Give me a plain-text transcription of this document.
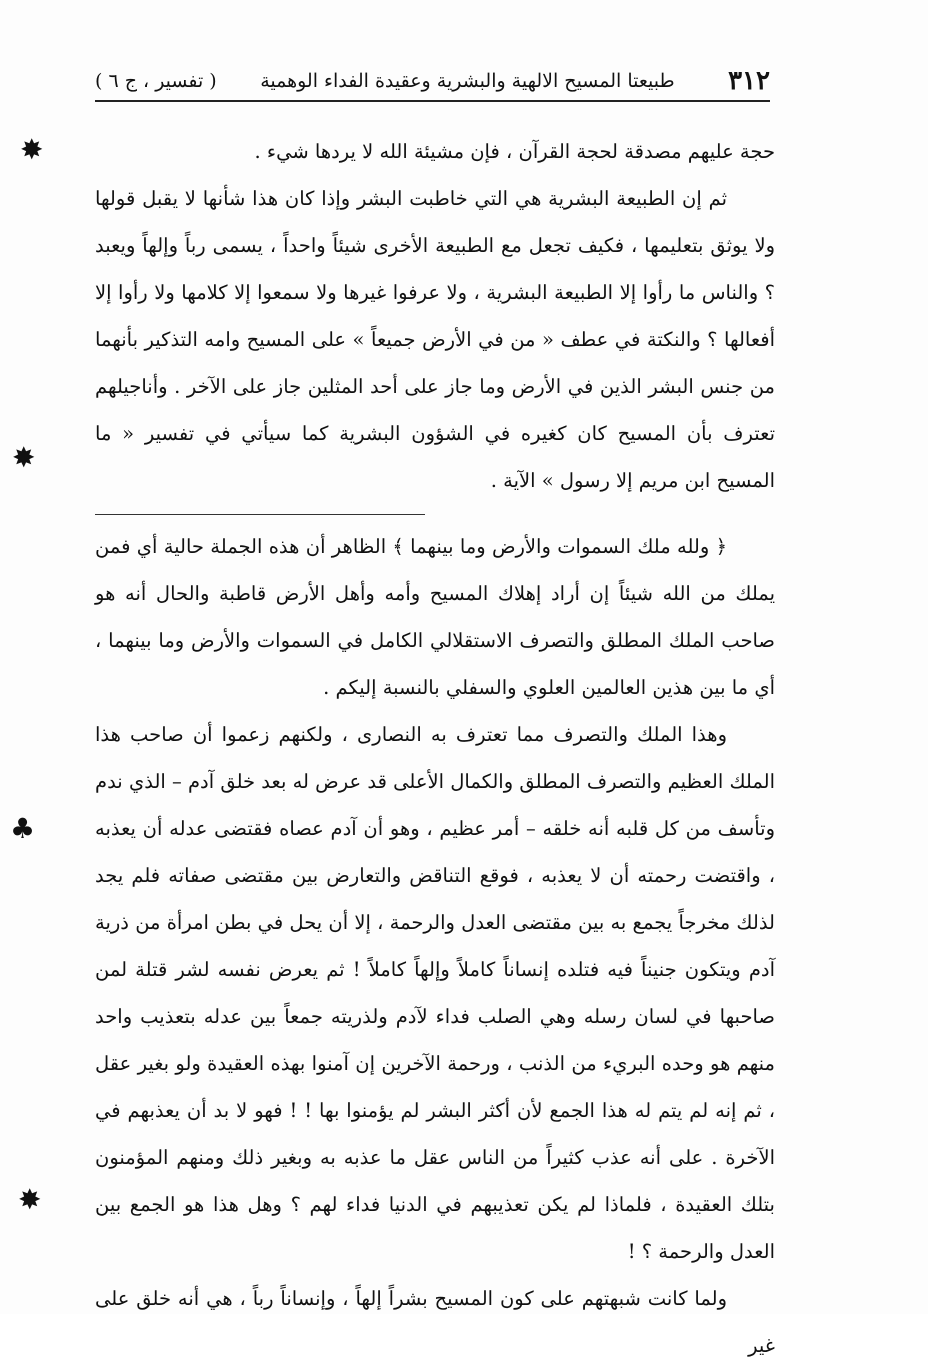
٣١٢
طبيعتا المسيح الالهية والبشرية وعقيدة الفداء الوهمية
( تفسير ، ج ٦ )

حجة عليهم مصدقة لحجة القرآن ، فإن مشيئة الله لا يردها شيء .

ثم إن الطبيعة البشرية هي التي خاطبت البشر وإذا كان هذا شأنها لا يقبل قولها ولا يوثق بتعليمها ، فكيف تجعل مع الطبيعة الأخرى شيئاً واحداً ، يسمى رباً وإلهاً ويعبد ؟ والناس ما رأوا إلا الطبيعة البشرية ، ولا عرفوا غيرها ولا سمعوا إلا كلامها ولا رأوا إلا أفعالها ؟ والنكتة في عطف « من في الأرض جميعاً » على المسيح وامه التذكير بأنهما من جنس البشر الذين في الأرض وما جاز على أحد المثلين جاز على الآخر . وأناجيلهم تعترف بأن المسيح كان كغيره في الشؤون البشرية كما سيأتي في تفسير « ما المسيح ابن مريم إلا رسول » الآية .

﴿ ولله ملك السموات والأرض وما بينهما ﴾ الظاهر أن هذه الجملة حالية أي فمن يملك من الله شيئاً إن أراد إهلاك المسيح وأمه وأهل الأرض قاطبة والحال أنه هو صاحب الملك المطلق والتصرف الاستقلالي الكامل في السموات والأرض وما بينهما ، أي ما بين هذين العالمين العلوي والسفلي بالنسبة إليكم .

وهذا الملك والتصرف مما تعترف به النصارى ، ولكنهم زعموا أن صاحب هذا الملك العظيم والتصرف المطلق والكمال الأعلى قد عرض له بعد خلق آدم – الذي ندم وتأسف من كل قلبه أنه خلقه – أمر عظيم ، وهو أن آدم عصاه فقتضى عدله أن يعذبه ، واقتضت رحمته أن لا يعذبه ، فوقع التناقض والتعارض بين مقتضى صفاته فلم يجد لذلك مخرجاً يجمع به بين مقتضى العدل والرحمة ، إلا أن يحل في بطن امرأة من ذرية آدم ويتكون جنيناً فيه فتلده إنساناً كاملاً وإلهاً كاملاً ! ثم يعرض نفسه لشر قتلة لمن صاحبها في لسان رسله وهي الصلب فداء لآدم ولذريته جمعاً بين عدله بتعذيب واحد منهم هو وحده البريء من الذنب ، ورحمة الآخرين إن آمنوا بهذه العقيدة ولو بغير عقل ، ثم إنه لم يتم له هذا الجمع لأن أكثر البشر لم يؤمنوا بها ! ! فهو لا بد أن يعذبهم في الآخرة . على أنه عذب كثيراً من الناس عقل ما عذبه به وبغير ذلك ومنهم المؤمنون بتلك العقيدة ، فلماذا لم يكن تعذيبهم في الدنيا فداء لهم ؟ وهل هذا هو الجمع بين العدل والرحمة ؟ !

ولما كانت شبهتهم على كون المسيح بشراً إلهاً ، وإنساناً رباً ، هي أنه خلق على غير

✸
✸
♣
✸
